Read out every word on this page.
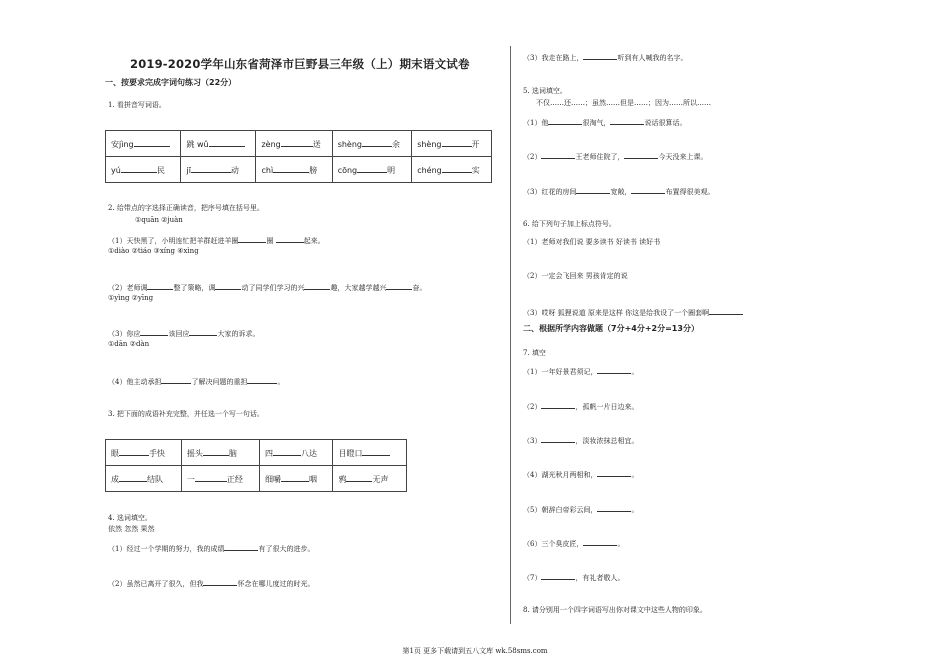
2019-2020学年山东省菏泽市巨野县三年级（上）期末语文试卷
一、按要求完成字词句练习（22分）
1. 看拼音写词语。
安jìng	跳 wǔ	zèng 送	shèng 余	shèng 开
yú 民	jī 动	chì 膀	cōng 明	chéng 实
2. 给带点的字选择正确读音，把序号填在括号里。
①quān ②juàn
（1）天快黑了，小明连忙把羊群赶进羊圈	圈	起来。
①diào ②tiáo ③xíng ④xìng
（2）老师调	整了策略，调	动了同学们学习的兴	趣，大家越学越兴	奋。
①yìng ②yīng
（3）你应	该回应	大家的诉求。
①dān ②dàn
（4）他主动承担	了解决问题的重担	。
3. 把下面的成语补充完整，并任选一个写一句话。
眼 手快	摇头 脑	四 八达	目瞪口
成 结队	一 正经	细嚼 咽	鸦 无声
4. 选词填空。
依然 忽然 果然
（1）经过一个学期的努力，我的成绩	有了很大的进步。
（2）虽然已离开了很久，但我	怀念在哪儿度过的时光。
（3）我走在路上，	听到有人喊我的名字。
5. 选词填空。
不仅……还……；虽然……但是……；因为……所以……
（1）他	很淘气，	说话很算话。
（2）	王老师住院了，	今天没来上课。
（3）红花的房间	宽敞，	布置得很美观。
6. 给下列句子加上标点符号。
（1）老师对我们说 要多读书 好读书 读好书
（2）一定会飞回来 男孩肯定的说
（3）哎呀 狐狸说道 原来是这样 你这是给我设了一个圈套啊
二、根据所学内容做题（7分+4分+2分=13分）
7. 填空
（1）一年好景君须记，	。
（2）	，孤帆一片日边来。
（3）	，淡妆浓抹总相宜。
（4）湖光秋月两相和，	。
（5）朝辞白帝彩云间，	。
（6）三个臭皮匠，	。
（7）	，有礼者敬人。
8. 请分别用一个四字词语写出你对课文中这些人物的印象。
第1页 更多下载请到五八文库 wk.58sms.com
